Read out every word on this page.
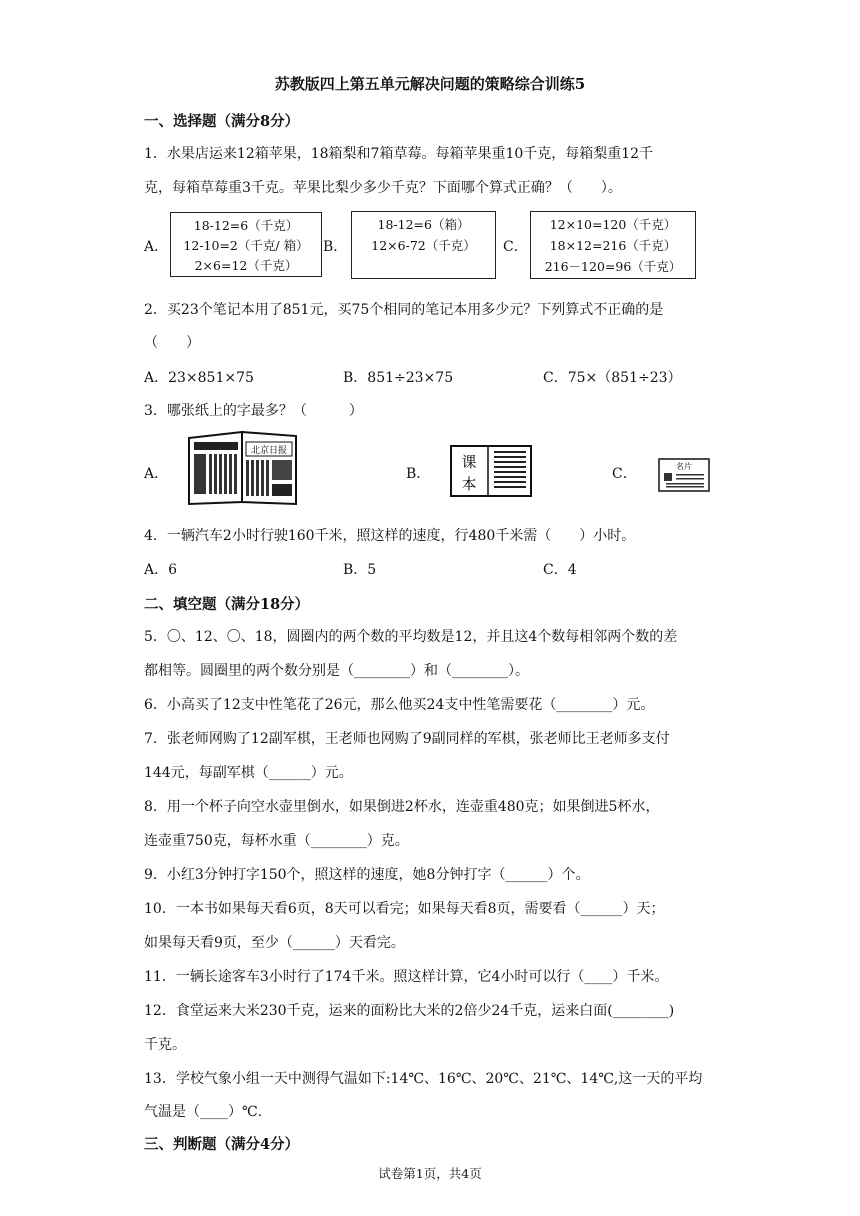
苏教版四上第五单元解决问题的策略综合训练5
一、选择题（满分8分）
1．水果店运来12箱苹果，18箱梨和7箱草莓。每箱苹果重10千克，每箱梨重12千
克，每箱草莓重3千克。苹果比梨少多少千克？下面哪个算式正确？（　　）。
A．
18-12=6（千克）
12-10=2（千克/ 箱）
2×6=12（千克）
B．
18-12=6（箱）
12×6-72（千克）	C．
12×10=120（千克）
18×12=216（千克）
216－120=96（千克）
2．买23个笔记本用了851元，买75个相同的笔记本用多少元？下列算式不正确的是
（　　）
A．23×851×75	B．851÷23×75	C．75×（851÷23）
3．哪张纸上的字最多？（　　　）
A．
北京日报
B．
课
本
C．	名片
4．一辆汽车2小时行驶160千米，照这样的速度，行480千米需（　　）小时。
A．6	B．5	C．4
二、填空题（满分18分）
5．〇、12、〇、18，圆圈内的两个数的平均数是12，并且这4个数每相邻两个数的差
都相等。圆圈里的两个数分别是（________）和（________）。
6．小高买了12支中性笔花了26元，那么他买24支中性笔需要花（________）元。
7．张老师网购了12副军棋，王老师也网购了9副同样的军棋，张老师比王老师多支付
144元，每副军棋（______）元。
8．用一个杯子向空水壶里倒水，如果倒进2杯水，连壶重480克；如果倒进5杯水，
连壶重750克，每杯水重（________）克。
9．小红3分钟打字150个，照这样的速度，她8分钟打字（______）个。
10．一本书如果每天看6页，8天可以看完；如果每天看8页，需要看（______）天；
如果每天看9页，至少（______）天看完。
11．一辆长途客车3小时行了174千米。照这样计算，它4小时可以行（____）千米。
12．食堂运来大米230千克，运来的面粉比大米的2倍少24千克，运来白面(________)
千克。
13．学校气象小组一天中测得气温如下:14℃、16℃、20℃、21℃、14℃,这一天的平均
气温是（____）℃.
三、判断题（满分4分）
试卷第1页，共4页
